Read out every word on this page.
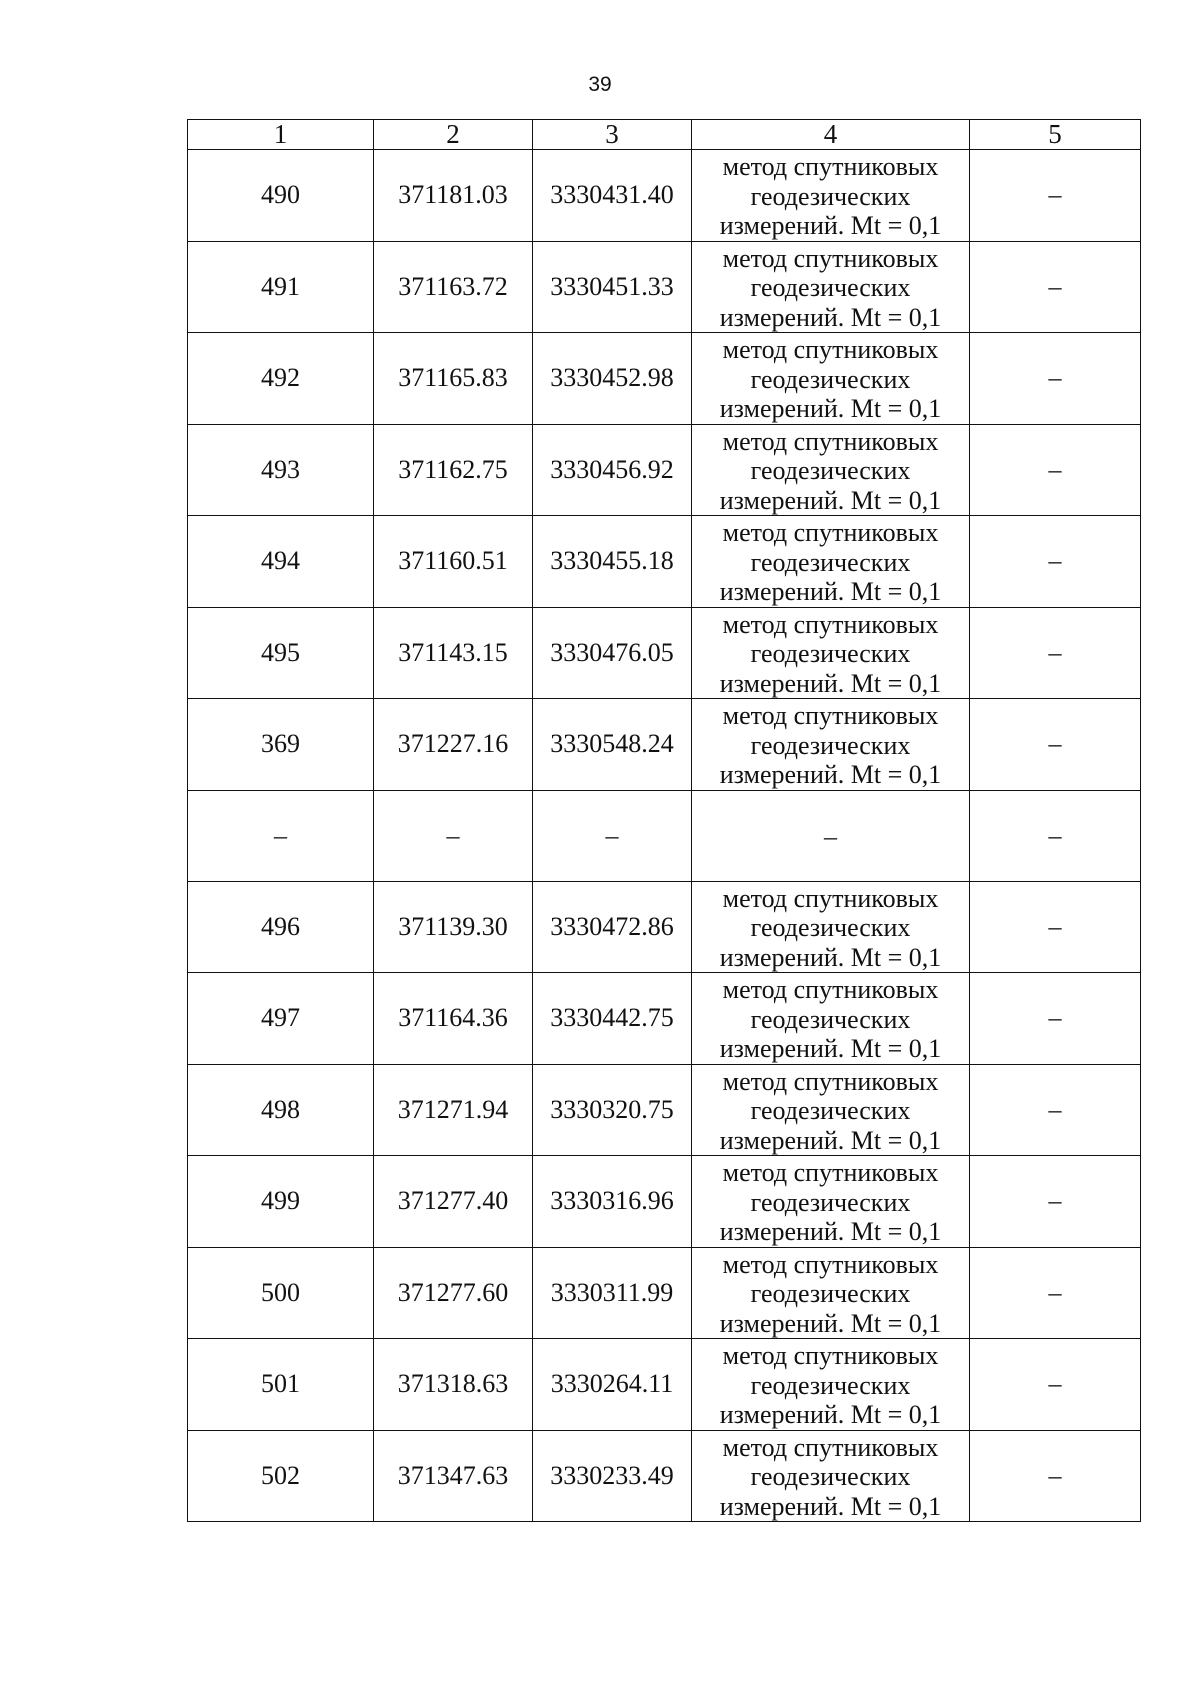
39
1	2	3	4	5
490	371181.03	3330431.40	метод спутниковых геодезических измерений. Mt = 0,1	–
491	371163.72	3330451.33	метод спутниковых геодезических измерений. Mt = 0,1	–
492	371165.83	3330452.98	метод спутниковых геодезических измерений. Mt = 0,1	–
493	371162.75	3330456.92	метод спутниковых геодезических измерений. Mt = 0,1	–
494	371160.51	3330455.18	метод спутниковых геодезических измерений. Mt = 0,1	–
495	371143.15	3330476.05	метод спутниковых геодезических измерений. Mt = 0,1	–
369	371227.16	3330548.24	метод спутниковых геодезических измерений. Mt = 0,1	–
–	–	–	–	–
496	371139.30	3330472.86	метод спутниковых геодезических измерений. Mt = 0,1	–
497	371164.36	3330442.75	метод спутниковых геодезических измерений. Mt = 0,1	–
498	371271.94	3330320.75	метод спутниковых геодезических измерений. Mt = 0,1	–
499	371277.40	3330316.96	метод спутниковых геодезических измерений. Mt = 0,1	–
500	371277.60	3330311.99	метод спутниковых геодезических измерений. Mt = 0,1	–
501	371318.63	3330264.11	метод спутниковых геодезических измерений. Mt = 0,1	–
502	371347.63	3330233.49	метод спутниковых геодезических измерений. Mt = 0,1	–
